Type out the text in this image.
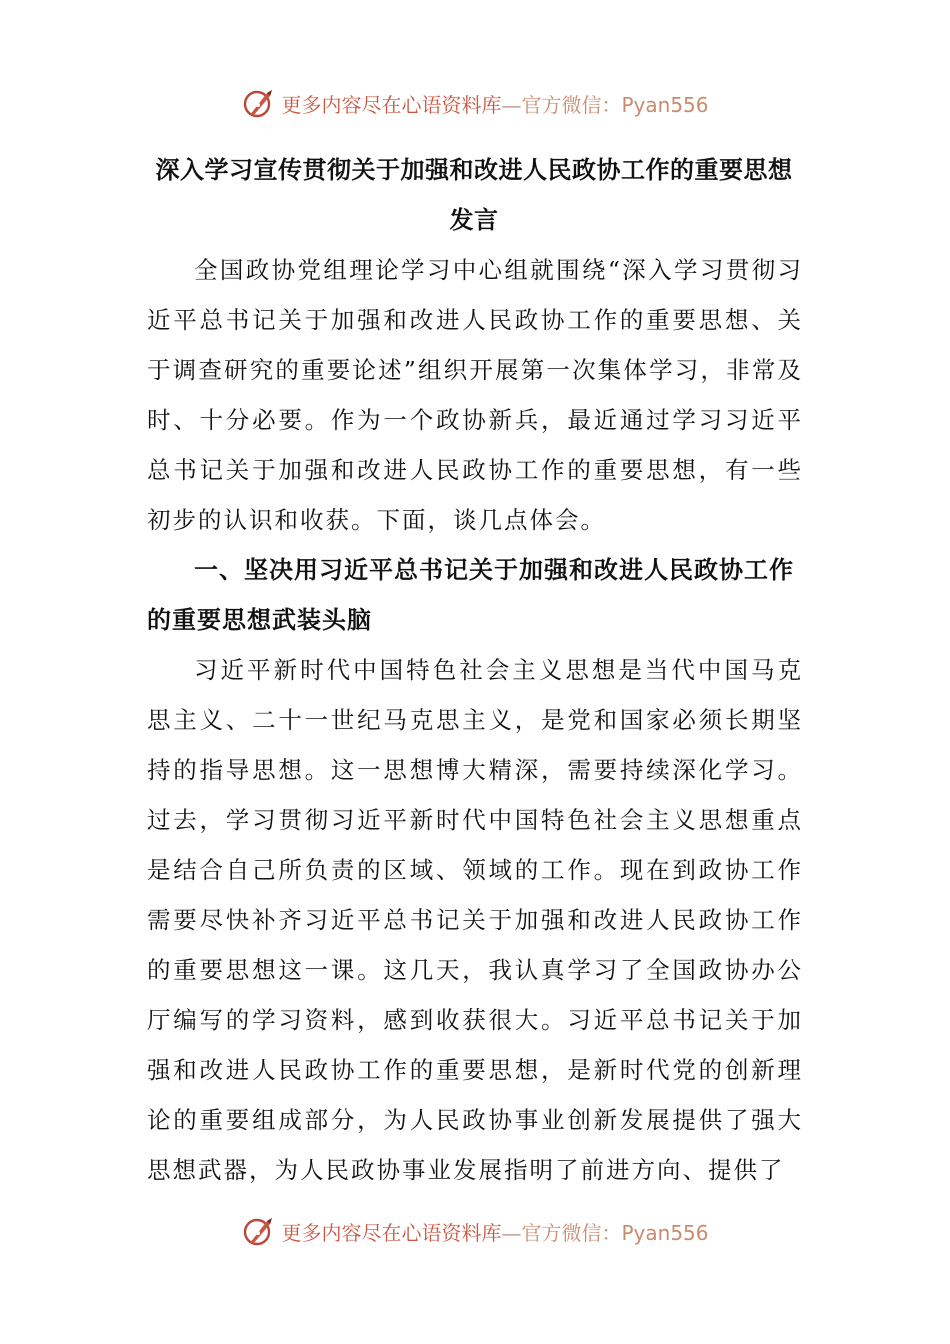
更多内容尽在心语资料库—官方微信：Pyan556
深入学习宣传贯彻关于加强和改进人民政协工作的重要思想发言

全国政协党组理论学习中心组就围绕“深入学习贯彻习近平总书记关于加强和改进人民政协工作的重要思想、关于调查研究的重要论述”组织开展第一次集体学习，非常及时、十分必要。作为一个政协新兵，最近通过学习习近平总书记关于加强和改进人民政协工作的重要思想，有一些初步的认识和收获。下面，谈几点体会。

一、坚决用习近平总书记关于加强和改进人民政协工作的重要思想武装头脑

习近平新时代中国特色社会主义思想是当代中国马克思主义、二十一世纪马克思主义，是党和国家必须长期坚持的指导思想。这一思想博大精深，需要持续深化学习。过去，学习贯彻习近平新时代中国特色社会主义思想重点是结合自己所负责的区域、领域的工作。现在到政协工作需要尽快补齐习近平总书记关于加强和改进人民政协工作的重要思想这一课。这几天，我认真学习了全国政协办公厅编写的学习资料，感到收获很大。习近平总书记关于加强和改进人民政协工作的重要思想，是新时代党的创新理论的重要组成部分，为人民政协事业创新发展提供了强大思想武器，为人民政协事业发展指明了前进方向、提供了

更多内容尽在心语资料库—官方微信：Pyan556
